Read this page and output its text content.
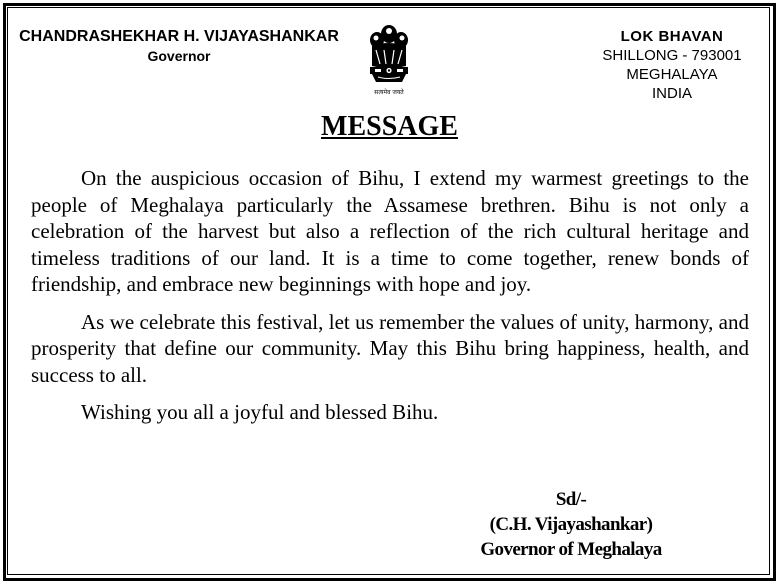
CHANDRASHEKHAR H. VIJAYASHANKAR
Governor
सत्यमेव जयते
LOK BHAVAN
SHILLONG - 793001
MEGHALAYA
INDIA
MESSAGE

On the auspicious occasion of Bihu, I extend my warmest greetings to the people of Meghalaya particularly the Assamese brethren. Bihu is not only a celebration of the harvest but also a reflection of the rich cultural heritage and timeless traditions of our land. It is a time to come together, renew bonds of friendship, and embrace new beginnings with hope and joy.

As we celebrate this festival, let us remember the values of unity, harmony, and prosperity that define our community. May this Bihu bring happiness, health, and success to all.

Wishing you all a joyful and blessed Bihu.

Sd/-
(C.H. Vijayashankar)
Governor of Meghalaya
